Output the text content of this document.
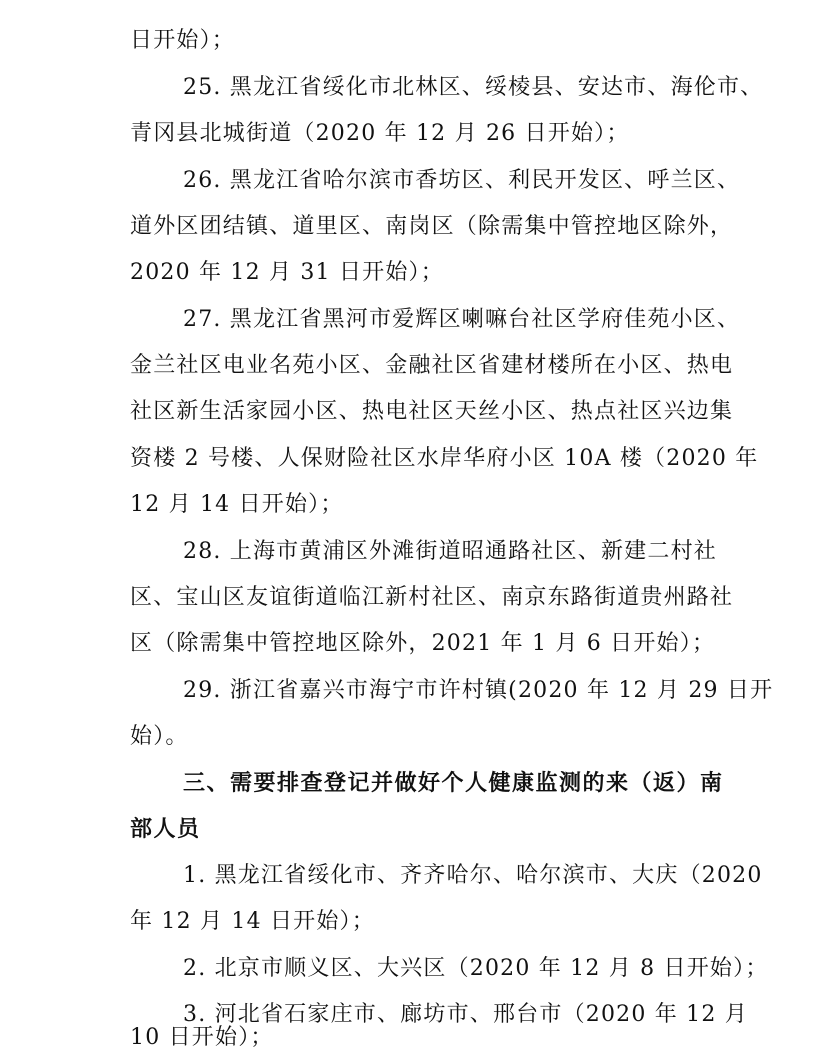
日开始）；
25. 黑龙江省绥化市北林区、绥棱县、安达市、海伦市、
青冈县北城街道（2020 年 12 月 26 日开始）；
26. 黑龙江省哈尔滨市香坊区、利民开发区、呼兰区、
道外区团结镇、道里区、南岗区（除需集中管控地区除外，
2020 年 12 月 31 日开始）；
27. 黑龙江省黑河市爱辉区喇嘛台社区学府佳苑小区、
金兰社区电业名苑小区、金融社区省建材楼所在小区、热电
社区新生活家园小区、热电社区天丝小区、热点社区兴边集
资楼 2 号楼、人保财险社区水岸华府小区 10A 楼（2020 年
12 月 14 日开始）；
28. 上海市黄浦区外滩街道昭通路社区、新建二村社
区、宝山区友谊街道临江新村社区、南京东路街道贵州路社
区（除需集中管控地区除外，2021 年 1 月 6 日开始）；
29. 浙江省嘉兴市海宁市许村镇(2020 年 12 月 29 日开
始）。
三、需要排查登记并做好个人健康监测的来（返）南
部人员
1. 黑龙江省绥化市、齐齐哈尔、哈尔滨市、大庆（2020
年 12 月 14 日开始）；
2. 北京市顺义区、大兴区（2020 年 12 月 8 日开始）；
3. 河北省石家庄市、廊坊市、邢台市（2020 年 12 月
10 日开始）；
